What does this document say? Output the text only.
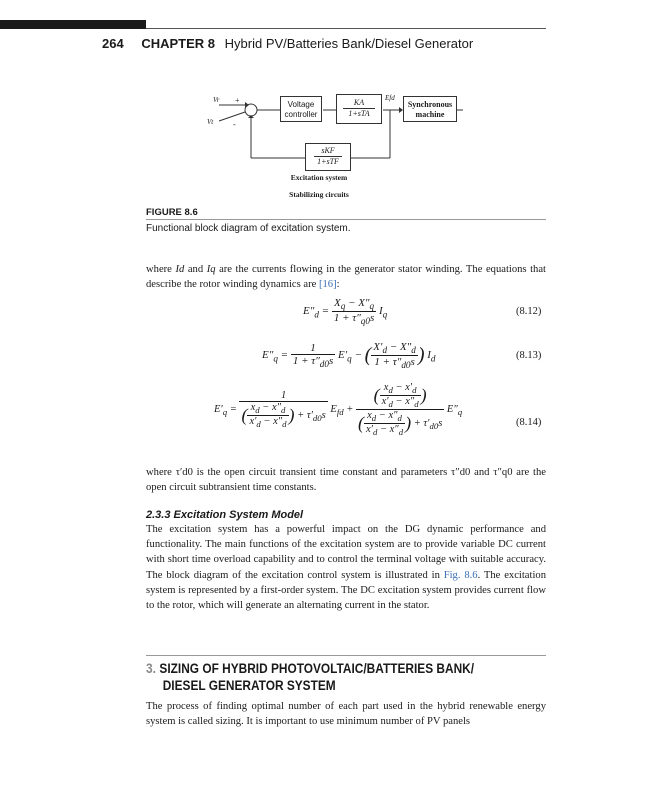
264 CHAPTER 8 Hybrid PV/Batteries Bank/Diesel Generator
Vr +
Vt -
Voltage
controller
KA
1+sTA
Efd
Synchronous
machine
sKF
1+sTF
Excitation system
Stabilizing circuits
FIGURE 8.6
Functional block diagram of excitation system.
where Id and Iq are the currents flowing in the generator stator winding. The equations that describe the rotor winding dynamics are [16]:
$E''_d = \frac{X_q - X''_q}{1 + \tau''_{q0}s} I_q$	(8.12)
$E''_q = \frac{1}{1 + \tau''_{d0}s} E'_q$ − ( $\frac{X'_d - X''_d}{1 + \tau''_{d0}s}$ ) $I_d$	(8.13)
$E'_q = \frac{1}{( \frac{x_d - x''_d}{x'_d - x''_d} ) + \tau'_{d0}s} E_{fd} + \frac{( \frac{x_d - x'_d}{x'_d - x''_d} )}{( \frac{x_d - x''_d}{x'_d - x''_d} ) + \tau'_{d0}s} E''_q$
(8.14)
where τ′d0 is the open circuit transient time constant and parameters τ″d0 and τ″q0 are the open circuit subtransient time constants.
2.3.3 Excitation System Model
The excitation system has a powerful impact on the DG dynamic performance and functionality. The main functions of the excitation system are to provide variable DC current with short time overload capability and to control the terminal voltage with suitable accuracy. The block diagram of the excitation control system is illustrated in Fig. 8.6. The excitation system is represented by a first-order system. The DC excitation system provides current flow to the rotor, which will generate an alternating current in the stator.
3. SIZING OF HYBRID PHOTOVOLTAIC/BATTERIES BANK/
DIESEL GENERATOR SYSTEM
The process of finding optimal number of each part used in the hybrid renewable energy system is called sizing. It is important to use minimum number of PV panels
